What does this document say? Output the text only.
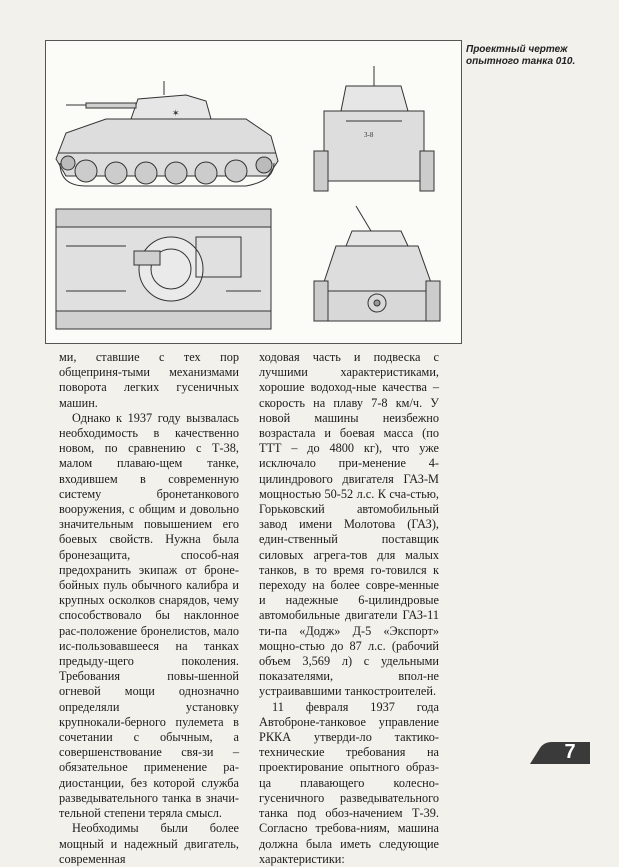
✶
3-8
Проектный чертеж опытного танка 010.

ми, ставшие с тех пор общеприня-тыми механизмами поворота легких гусеничных машин.

Однако к 1937 году вызвалась необходимость в качественно новом, по сравнению с Т-38, малом плаваю-щем танке, входившем в современную систему бронетанкового вооружения, с общим и довольно значительным повышением его боевых свойств. Нужна была бронезащита, способ-ная предохранить экипаж от броне-бойных пуль обычного калибра и крупных осколков снарядов, чему способствовало бы наклонное рас-положение бронелистов, мало ис-пользовавшееся на танках предыду-щего поколения. Требования повы-шенной огневой мощи однозначно определяли установку крупнокали-берного пулемета в сочетании с обычным, а совершенствование свя-зи – обязательное применение ра-диостанции, без которой служба разведывательного танка в значи-тельной степени теряла смысл.

Необходимы были более мощный и надежный двигатель, современная

ходовая часть и подвеска с лучшими характеристиками, хорошие водоход-ные качества – скорость на плаву 7-8 км/ч. У новой машины неизбежно возрастала и боевая масса (по ТТТ – до 4800 кг), что уже исключало при-менение 4-цилиндрового двигателя ГАЗ-М мощностью 50-52 л.с. К сча-стью, Горьковский автомобильный завод имени Молотова (ГАЗ), един-ственный поставщик силовых агрега-тов для малых танков, в то время го-товился к переходу на более совре-менные и надежные 6-цилиндровые автомобильные двигатели ГАЗ-11 ти-па «Додж» Д-5 «Экспорт» мощно-стью до 87 л.с. (рабочий объем 3,569 л) с удельными показателями, впол-не устраивавшими танкостроителей.

11 февраля 1937 года Автоброне-танковое управление РККА утверди-ло тактико-технические требования на проектирование опытного образ-ца плавающего колесно-гусеничного разведывательного танка под обоз-начением Т-39. Согласно требова-ниям, машина должна была иметь следующие характеристики:

7
